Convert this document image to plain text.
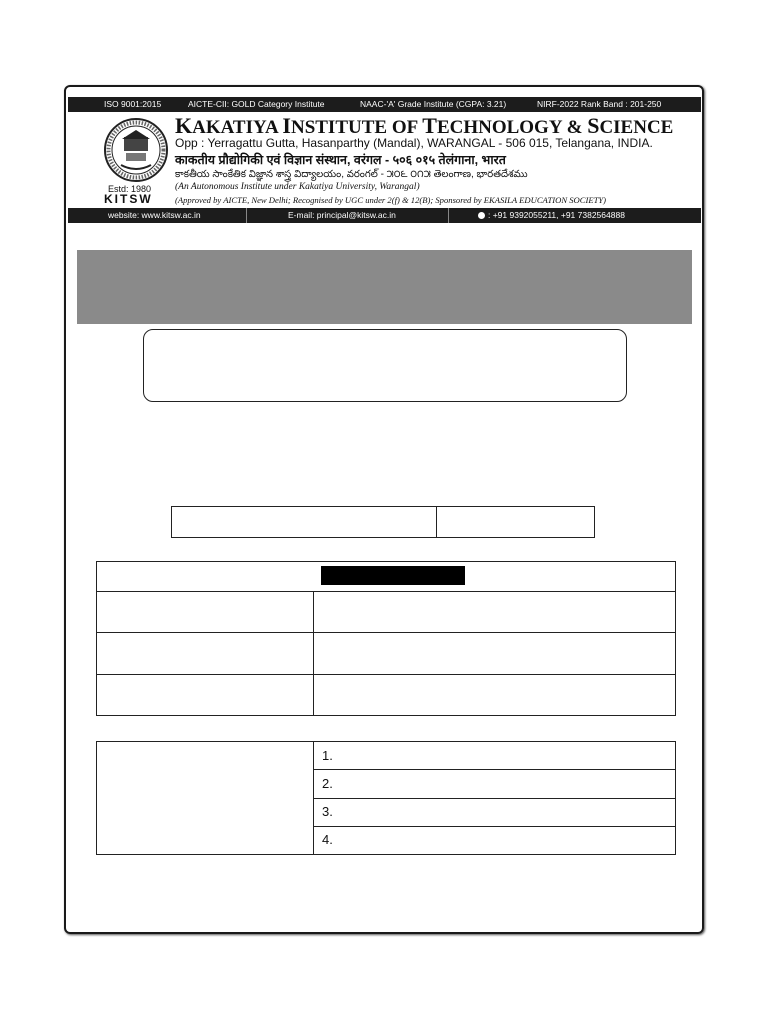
ISO 9001:2015	AICTE-CII: GOLD Category Institute	NAAC-'A' Grade Institute (CGPA: 3.21)	NIRF-2022 Rank Band : 201-250
Estd: 1980
KITSW
KAKATIYA INSTITUTE OF TECHNOLOGY & SCIENCE
Opp : Yerragattu Gutta, Hasanparthy (Mandal), WARANGAL - 506 015, Telangana, INDIA.
काकतीय प्रौद्योगिकी एवं विज्ञान संस्थान, वरंगल - ५०६ ०१५ तेलंगाना, भारत
కాకతీయ సాంకేతిక విజ్ఞాన శాస్త్ర విద్యాలయం, వరంగల్ - ౫౦౬ ౦౧౫ తెలంగాణ, భారతదేశము
(An Autonomous Institute under Kakatiya University, Warangal)
(Approved by AICTE, New Delhi; Recognised by UGC under 2(f) & 12(B); Sponsored by EKASILA EDUCATION SOCIETY)
website: www.kitsw.ac.in	E-mail: principal@kitsw.ac.in	: +91 9392055211, +91 7382564888
1.
2.
3.
4.
